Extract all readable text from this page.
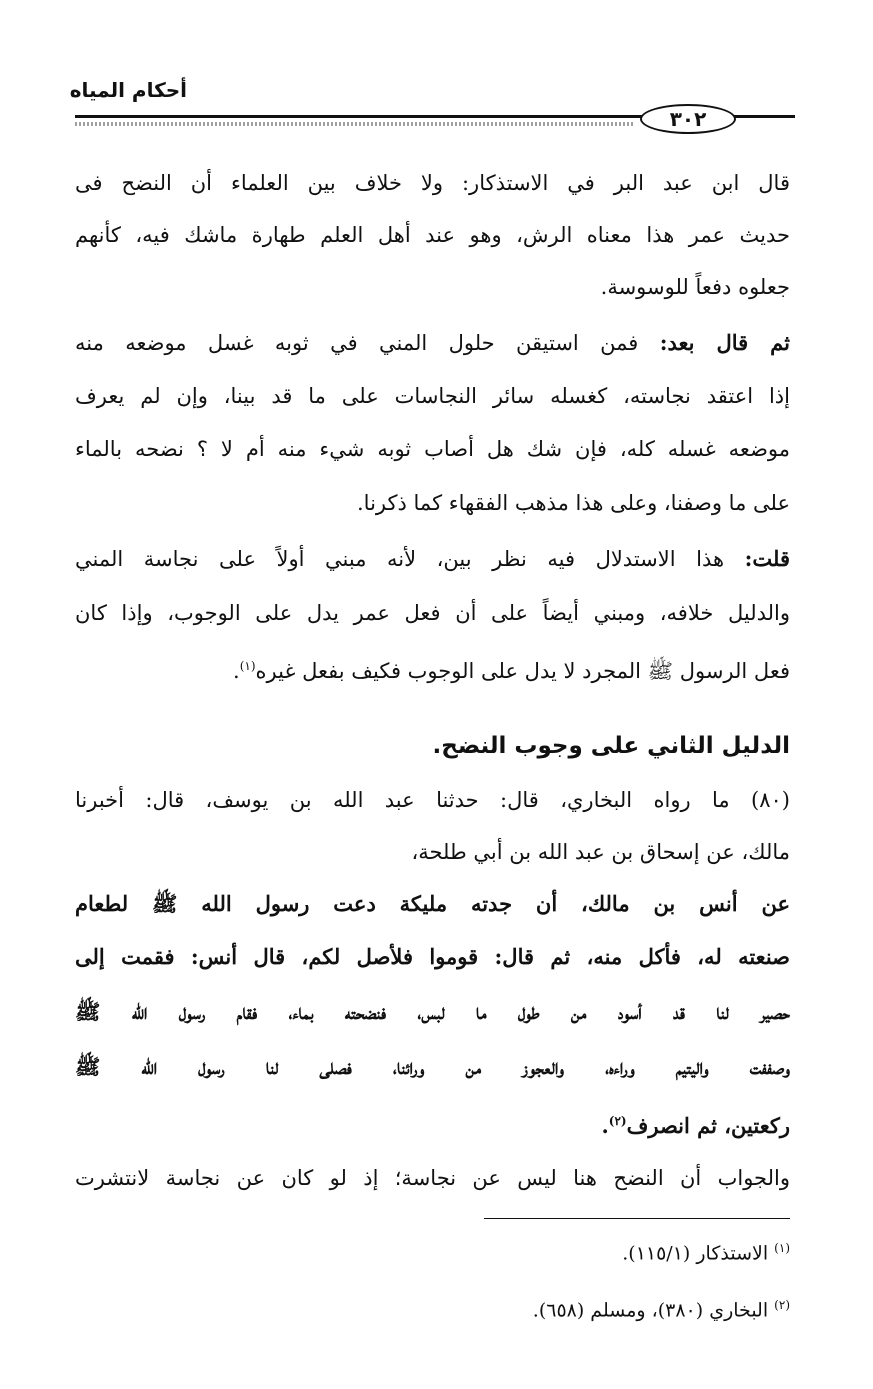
أحكام المياه
٣٠٢
قال ابن عبد البر في الاستذكار: ولا خلاف بين العلماء أن النضح فى
حديث عمر هذا معناه الرش، وهو عند أهل العلم طهارة ماشك فيه، كأنهم
جعلوه دفعاً للوسوسة.
ثم قال بعد: فمن استيقن حلول المني في ثوبه غسل موضعه منه
إذا اعتقد نجاسته، كغسله سائر النجاسات على ما قد بينا، وإن لم يعرف
موضعه غسله كله، فإن شك هل أصاب ثوبه شيء منه أم لا ؟ نضحه بالماء
على ما وصفنا، وعلى هذا مذهب الفقهاء كما ذكرنا.
قلت: هذا الاستدلال فيه نظر بين، لأنه مبني أولاً على نجاسة المني
والدليل خلافه، ومبني أيضاً على أن فعل عمر يدل على الوجوب، وإذا كان
فعل الرسول ﷺ المجرد لا يدل على الوجوب فكيف بفعل غيره$^{(١)}$.
الدليل الثاني على وجوب النضح.
(٨٠) ما رواه البخاري، قال: حدثنا عبد الله بن يوسف، قال: أخبرنا
مالك، عن إسحاق بن عبد الله بن أبي طلحة،
عن أنس بن مالك، أن جدته مليكة دعت رسول الله ﷺ لطعام
صنعته له، فأكل منه، ثم قال: قوموا فلأصل لكم، قال أنس: فقمت إلى
حصير لنا قد أسود من طول ما لبس، فنضحته بماء، فقام رسول الله ﷺ
وصففت واليتيم وراءه، والعجوز من ورائنا، فصلى لنا رسول الله ﷺ
ركعتين، ثم انصرف$^{(٢)}$.
والجواب أن النضح هنا ليس عن نجاسة؛ إذ لو كان عن نجاسة لانتشرت
$^{(١)}$ الاستذكار (١١٥/١).
$^{(٢)}$ البخاري (٣٨٠)، ومسلم (٦٥٨).
